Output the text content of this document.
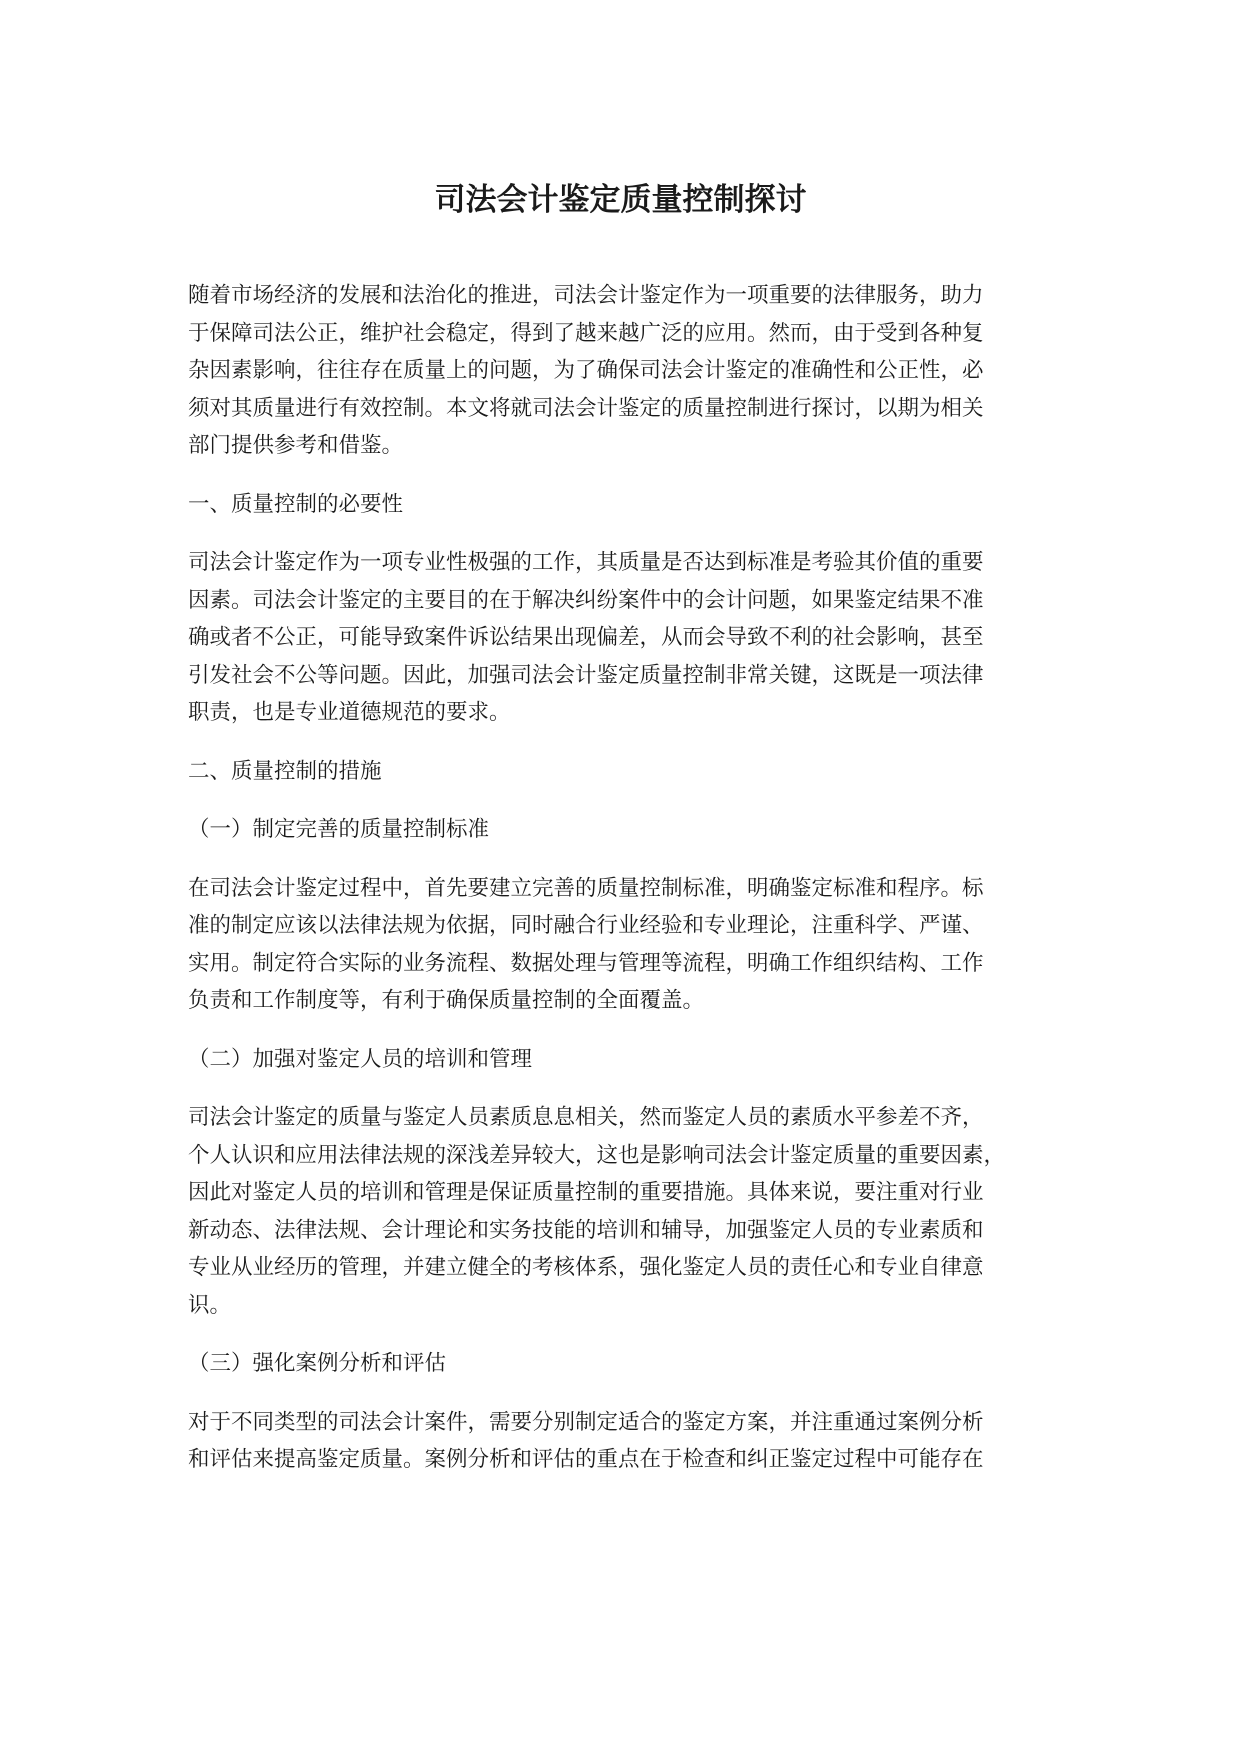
司法会计鉴定质量控制探讨

随着市场经济的发展和法治化的推进，司法会计鉴定作为一项重要的法律服务，助力
于保障司法公正，维护社会稳定，得到了越来越广泛的应用。然而，由于受到各种复
杂因素影响，往往存在质量上的问题，为了确保司法会计鉴定的准确性和公正性，必
须对其质量进行有效控制。本文将就司法会计鉴定的质量控制进行探讨，以期为相关
部门提供参考和借鉴。

一、质量控制的必要性

司法会计鉴定作为一项专业性极强的工作，其质量是否达到标准是考验其价值的重要
因素。司法会计鉴定的主要目的在于解决纠纷案件中的会计问题，如果鉴定结果不准
确或者不公正，可能导致案件诉讼结果出现偏差，从而会导致不利的社会影响，甚至
引发社会不公等问题。因此，加强司法会计鉴定质量控制非常关键，这既是一项法律
职责，也是专业道德规范的要求。

二、质量控制的措施

（一）制定完善的质量控制标准

在司法会计鉴定过程中，首先要建立完善的质量控制标准，明确鉴定标准和程序。标
准的制定应该以法律法规为依据，同时融合行业经验和专业理论，注重科学、严谨、
实用。制定符合实际的业务流程、数据处理与管理等流程，明确工作组织结构、工作
负责和工作制度等，有利于确保质量控制的全面覆盖。

（二）加强对鉴定人员的培训和管理

司法会计鉴定的质量与鉴定人员素质息息相关，然而鉴定人员的素质水平参差不齐，
个人认识和应用法律法规的深浅差异较大，这也是影响司法会计鉴定质量的重要因素，
因此对鉴定人员的培训和管理是保证质量控制的重要措施。具体来说，要注重对行业
新动态、法律法规、会计理论和实务技能的培训和辅导，加强鉴定人员的专业素质和
专业从业经历的管理，并建立健全的考核体系，强化鉴定人员的责任心和专业自律意
识。

（三）强化案例分析和评估

对于不同类型的司法会计案件，需要分别制定适合的鉴定方案，并注重通过案例分析
和评估来提高鉴定质量。案例分析和评估的重点在于检查和纠正鉴定过程中可能存在
